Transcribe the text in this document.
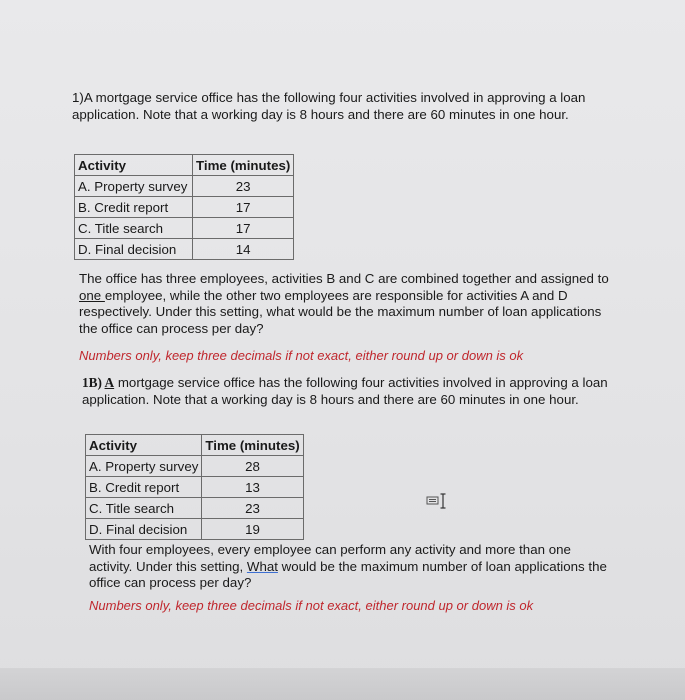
1)A mortgage service office has the following four activities involved in approving a loan application. Note that a working day is 8 hours and there are 60 minutes in one hour.
Activity	Time (minutes)
A. Property survey	23
B. Credit report	17
C. Title search	17
D. Final decision	14
The office has three employees, activities B and C are combined together and assigned to one employee, while the other two employees are responsible for activities A and D respectively. Under this setting, what would be the maximum number of loan applications the office can process per day?
Numbers only, keep three decimals if not exact, either round up or down is ok
1B) A mortgage service office has the following four activities involved in approving a loan application. Note that a working day is 8 hours and there are 60 minutes in one hour.
Activity	Time (minutes)
A. Property survey	28
B. Credit report	13
C. Title search	23
D. Final decision	19
With four employees, every employee can perform any activity and more than one activity. Under this setting, What would be the maximum number of loan applications the office can process per day?
Numbers only, keep three decimals if not exact, either round up or down is ok
